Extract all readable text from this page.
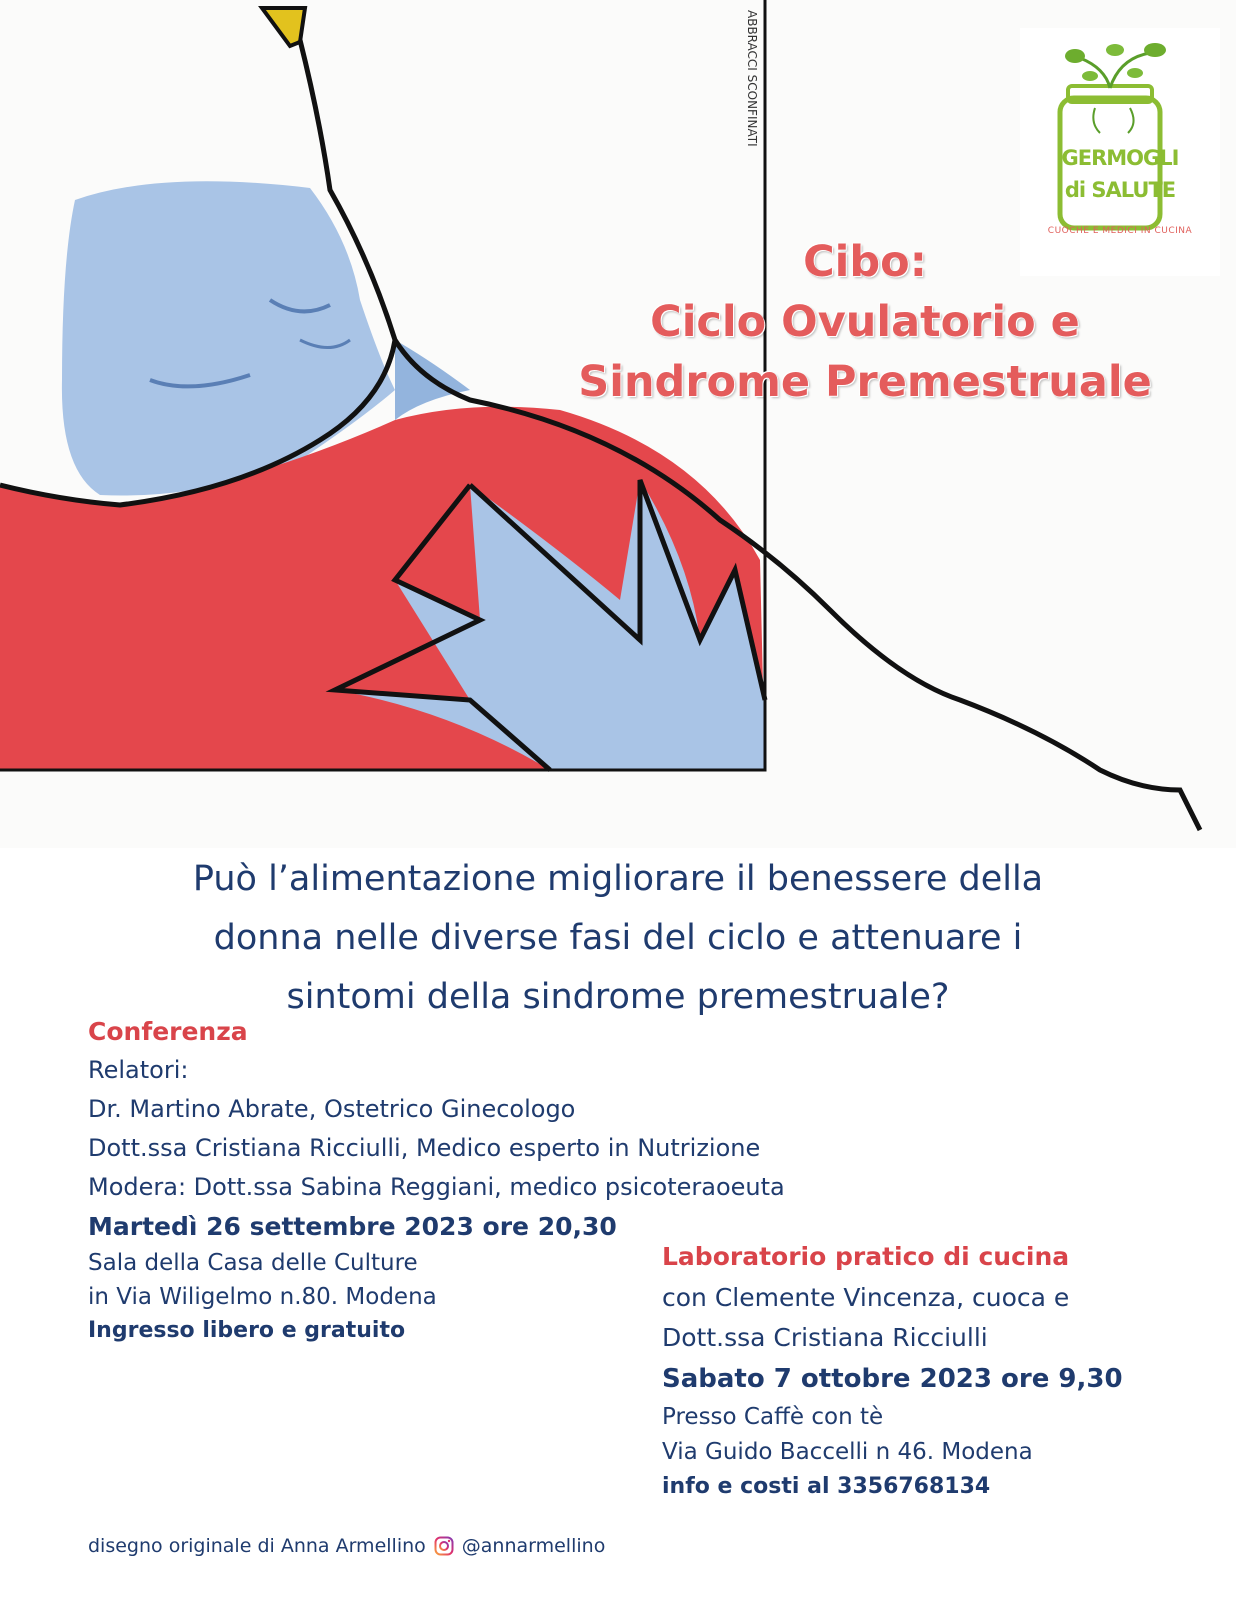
ABBRACCI SCONFINATI
GERMOGLI
di SALUTE
CUOCHE E MEDICI IN CUCINA
Cibo:
Ciclo Ovulatorio e
Sindrome Premestruale
Può l’alimentazione migliorare il benessere della
donna nelle diverse fasi del ciclo e attenuare i
sintomi della sindrome premestruale?
Conferenza
Relatori:
Dr. Martino Abrate, Ostetrico Ginecologo
Dott.ssa Cristiana Ricciulli, Medico esperto in Nutrizione
Modera: Dott.ssa Sabina Reggiani, medico psicoteraoeuta
Martedì 26 settembre 2023 ore 20,30
Sala della Casa delle Culture
in Via Wiligelmo n.80. Modena
Ingresso libero e gratuito
Laboratorio pratico di cucina
con Clemente Vincenza, cuoca e
Dott.ssa Cristiana Ricciulli
Sabato 7 ottobre 2023 ore 9,30
Presso Caffè con tè
Via Guido Baccelli n 46. Modena
info e costi al 3356768134
disegno originale di Anna Armellino @annarmellino
